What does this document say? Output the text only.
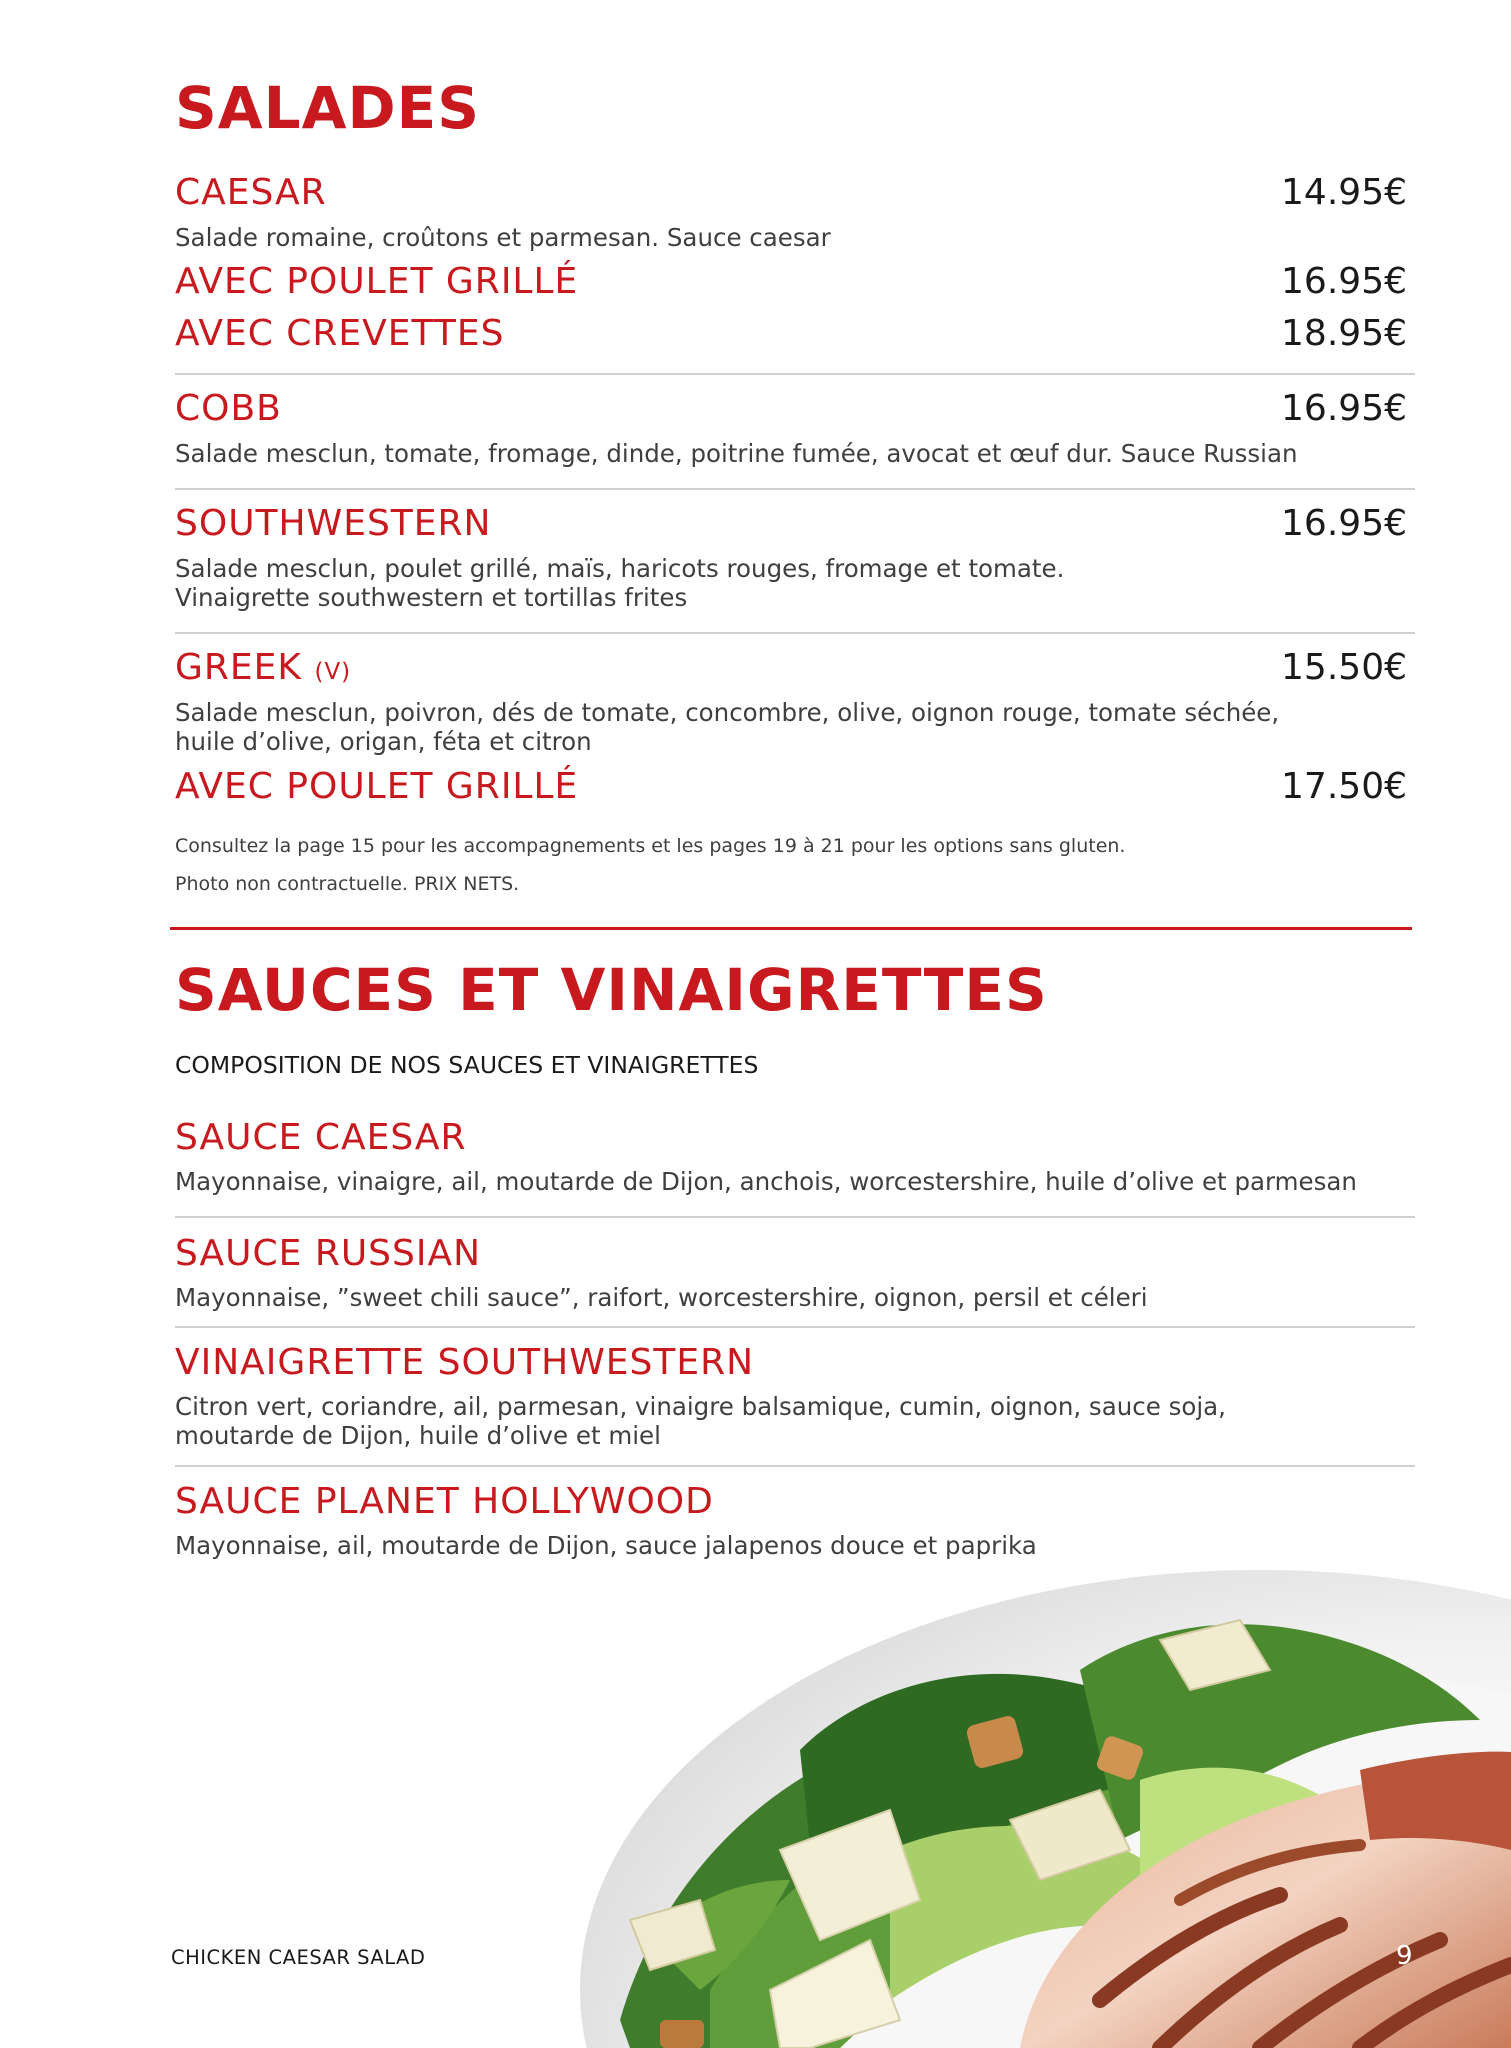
SALADES
CAESAR	14.95€
Salade romaine, croûtons et parmesan. Sauce caesar
AVEC POULET GRILLÉ	16.95€
AVEC CREVETTES	18.95€
COBB	16.95€
Salade mesclun, tomate, fromage, dinde, poitrine fumée, avocat et œuf dur. Sauce Russian
SOUTHWESTERN	16.95€
Salade mesclun, poulet grillé, maïs, haricots rouges, fromage et tomate.
Vinaigrette southwestern et tortillas frites
GREEK (V)	15.50€
Salade mesclun, poivron, dés de tomate, concombre, olive, oignon rouge, tomate séchée,
huile d’olive, origan, féta et citron
AVEC POULET GRILLÉ	17.50€
Consultez la page 15 pour les accompagnements et les pages 19 à 21 pour les options sans gluten.
Photo non contractuelle. PRIX NETS.
SAUCES ET VINAIGRETTES
COMPOSITION DE NOS SAUCES ET VINAIGRETTES
SAUCE CAESAR
Mayonnaise, vinaigre, ail, moutarde de Dijon, anchois, worcestershire, huile d’olive et parmesan
SAUCE RUSSIAN
Mayonnaise, ”sweet chili sauce”, raifort, worcestershire, oignon, persil et céleri
VINAIGRETTE SOUTHWESTERN
Citron vert, coriandre, ail, parmesan, vinaigre balsamique, cumin, oignon, sauce soja,
moutarde de Dijon, huile d’olive et miel
SAUCE PLANET HOLLYWOOD
Mayonnaise, ail, moutarde de Dijon, sauce jalapenos douce et paprika
CHICKEN CAESAR SALAD	9
